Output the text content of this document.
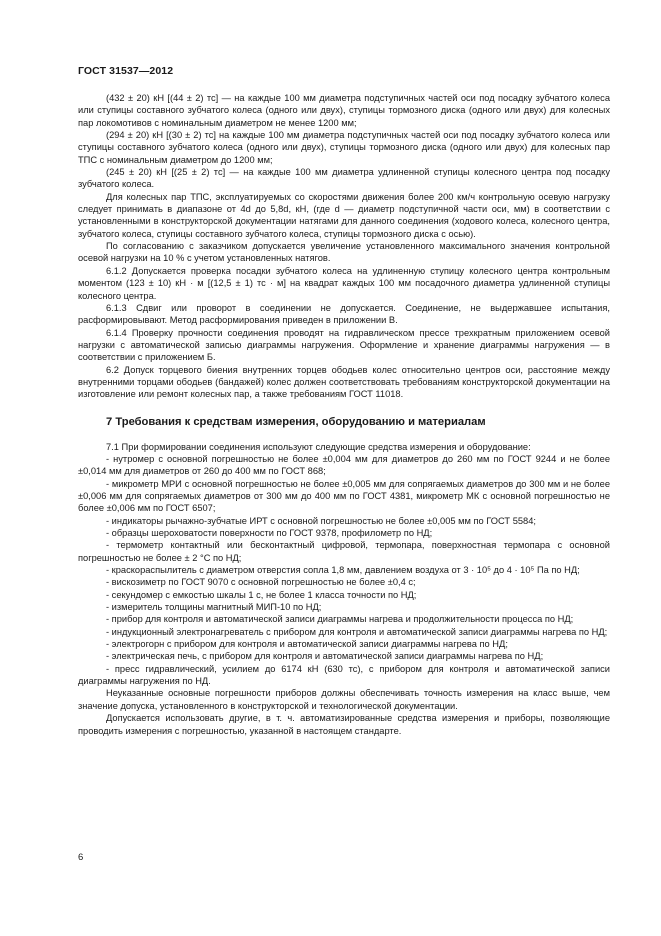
ГОСТ 31537—2012

(432 ± 20) кН [(44 ± 2) тс] — на каждые 100 мм диаметра подступичных частей оси под посадку зубчатого колеса или ступицы составного зубчатого колеса (одного или двух), ступицы тормозного диска (одного или двух) для колесных пар локомотивов с номинальным диаметром не менее 1200 мм;

(294 ± 20) кН [(30 ± 2) тс] на каждые 100 мм диаметра подступичных частей оси под посадку зубчатого колеса или ступицы составного зубчатого колеса (одного или двух), ступицы тормозного диска (одного или двух) для колесных пар ТПС с номинальным диаметром до 1200 мм;

(245 ± 20) кН [(25 ± 2) тс] — на каждые 100 мм диаметра удлиненной ступицы колесного центра под посадку зубчатого колеса.

Для колесных пар ТПС, эксплуатируемых со скоростями движения более 200 км/ч контрольную осевую нагрузку следует принимать в диапазоне от 4d до 5,8d, кН, (где d — диаметр подступичной части оси, мм) в соответствии с установленными в конструкторской документации натягами для данного соединения (ходового колеса, колесного центра, зубчатого колеса, ступицы составного зубчатого колеса, ступицы тормозного диска с осью).

По согласованию с заказчиком допускается увеличение установленного максимального значения контрольной осевой нагрузки на 10 % с учетом установленных натягов.

6.1.2 Допускается проверка посадки зубчатого колеса на удлиненную ступицу колесного центра контрольным моментом (123 ± 10) кН · м [(12,5 ± 1) тс · м] на квадрат каждых 100 мм посадочного диаметра удлиненной ступицы колесного центра.

6.1.3 Сдвиг или проворот в соединении не допускается. Соединение, не выдержавшее испытания, расформировывают. Метод расформирования приведен в приложении В.

6.1.4 Проверку прочности соединения проводят на гидравлическом прессе трехкратным приложением осевой нагрузки с автоматической записью диаграммы нагружения. Оформление и хранение диаграммы нагружения — в соответствии с приложением Б.

6.2 Допуск торцевого биения внутренних торцев ободьев колес относительно центров оси, расстояние между внутренними торцами ободьев (бандажей) колес должен соответствовать требованиям конструкторской документации на изготовление или ремонт колесных пар, а также требованиям ГОСТ 11018.

7 Требования к средствам измерения, оборудованию и материалам

7.1 При формировании соединения используют следующие средства измерения и оборудование:

- нутромер с основной погрешностью не более ±0,004 мм для диаметров до 260 мм по ГОСТ 9244 и не более ±0,014 мм для диаметров от 260 до 400 мм по ГОСТ 868;

- микрометр МРИ с основной погрешностью не более ±0,005 мм для сопрягаемых диаметров до 300 мм и не более ±0,006 мм для сопрягаемых диаметров от 300 мм до 400 мм по ГОСТ 4381, микрометр МК с основной погрешностью не более ±0,006 мм по ГОСТ 6507;

- индикаторы рычажно-зубчатые ИРТ с основной погрешностью не более ±0,005 мм по ГОСТ 5584;

- образцы шероховатости поверхности по ГОСТ 9378, профилометр по НД;

- термометр контактный или бесконтактный цифровой, термопара, поверхностная термопара с основной погрешностью не более ± 2 °С по НД;

- краскораспылитель с диаметром отверстия сопла 1,8 мм, давлением воздуха от 3 · 10⁵ до 4 · 10⁵ Па по НД;

- вискозиметр по ГОСТ 9070 с основной погрешностью не более ±0,4 с;

- секундомер с емкостью шкалы 1 с, не более 1 класса точности по НД;

- измеритель толщины магнитный МИП-10 по НД;

- прибор для контроля и автоматической записи диаграммы нагрева и продолжительности процесса по НД;

- индукционный электронагреватель с прибором для контроля и автоматической записи диаграммы нагрева по НД;

- электрогорн с прибором для контроля и автоматической записи диаграммы нагрева по НД;

- электрическая печь, с прибором для контроля и автоматической записи диаграммы нагрева по НД;

- пресс гидравлический, усилием до 6174 кН (630 тс), с прибором для контроля и автоматической записи диаграммы нагружения по НД.

Неуказанные основные погрешности приборов должны обеспечивать точность измерения на класс выше, чем значение допуска, установленного в конструкторской и технологической документации.

Допускается использовать другие, в т. ч. автоматизированные средства измерения и приборы, позволяющие проводить измерения с погрешностью, указанной в настоящем стандарте.

6
